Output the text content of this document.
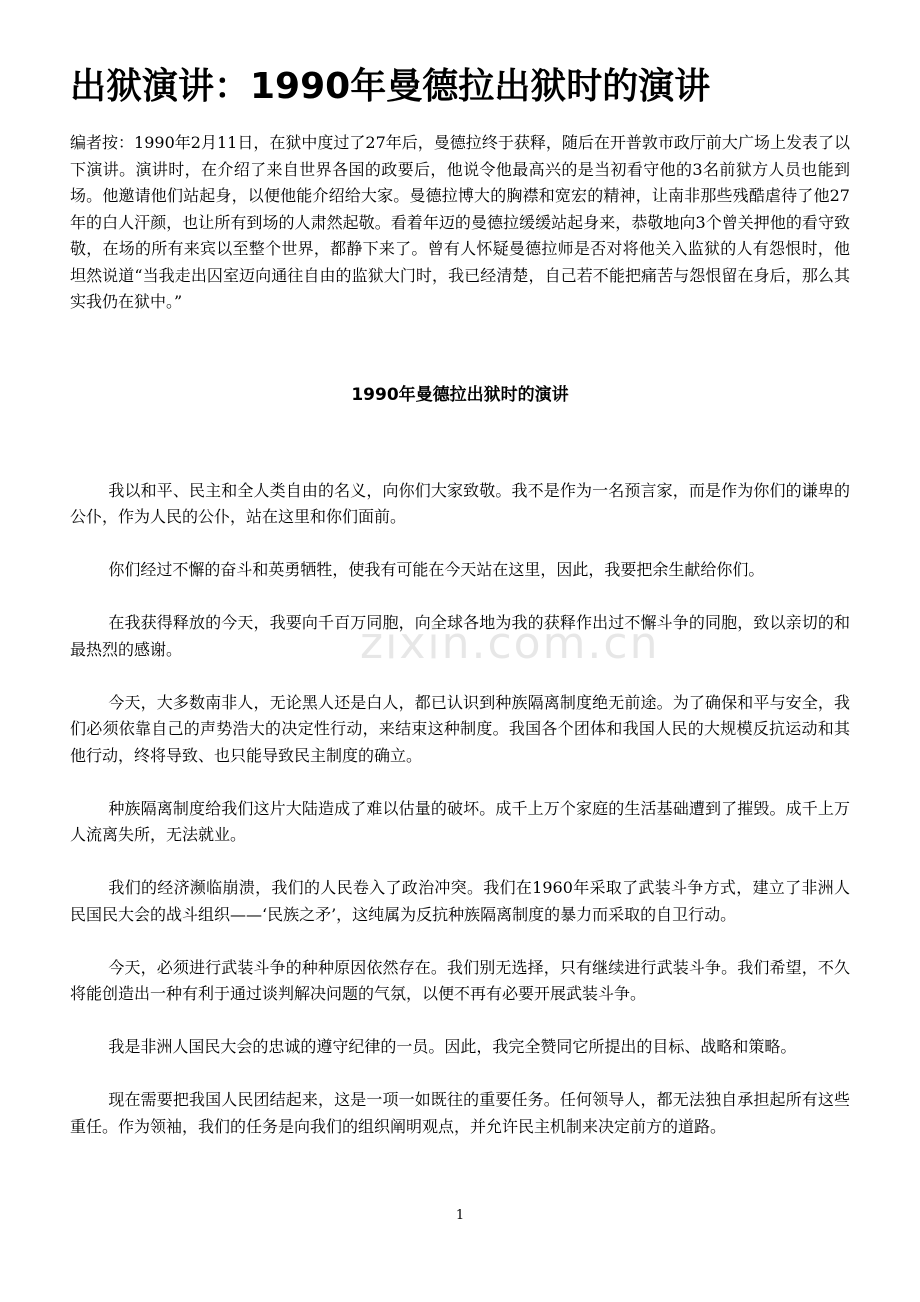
出狱演讲：1990年曼德拉出狱时的演讲

编者按：1990年2月11日，在狱中度过了27年后，曼德拉终于获释，随后在开普敦市政厅前大广场上发表了以下演讲。演讲时，在介绍了来自世界各国的政要后，他说令他最高兴的是当初看守他的3名前狱方人员也能到场。他邀请他们站起身，以便他能介绍给大家。曼德拉博大的胸襟和宽宏的精神，让南非那些残酷虐待了他27年的白人汗颜，也让所有到场的人肃然起敬。看着年迈的曼德拉缓缓站起身来，恭敬地向3个曾关押他的看守致敬，在场的所有来宾以至整个世界，都静下来了。曾有人怀疑曼德拉师是否对将他关入监狱的人有怨恨时，他坦然说道“当我走出囚室迈向通往自由的监狱大门时，我已经清楚，自己若不能把痛苦与怨恨留在身后，那么其实我仍在狱中。”

1990年曼德拉出狱时的演讲

我以和平、民主和全人类自由的名义，向你们大家致敬。我不是作为一名预言家，而是作为你们的谦卑的公仆，作为人民的公仆，站在这里和你们面前。

你们经过不懈的奋斗和英勇牺牲，使我有可能在今天站在这里，因此，我要把余生献给你们。

在我获得释放的今天，我要向千百万同胞，向全球各地为我的获释作出过不懈斗争的同胞，致以亲切的和最热烈的感谢。

今天，大多数南非人，无论黑人还是白人，都已认识到种族隔离制度绝无前途。为了确保和平与安全，我们必须依靠自己的声势浩大的决定性行动，来结束这种制度。我国各个团体和我国人民的大规模反抗运动和其他行动，终将导致、也只能导致民主制度的确立。

种族隔离制度给我们这片大陆造成了难以估量的破坏。成千上万个家庭的生活基础遭到了摧毁。成千上万人流离失所，无法就业。

我们的经济濒临崩溃，我们的人民卷入了政治冲突。我们在1960年采取了武装斗争方式，建立了非洲人民国民大会的战斗组织——‘民族之矛’，这纯属为反抗种族隔离制度的暴力而采取的自卫行动。

今天，必须进行武装斗争的种种原因依然存在。我们别无选择，只有继续进行武装斗争。我们希望，不久将能创造出一种有利于通过谈判解决问题的气氛，以便不再有必要开展武装斗争。

我是非洲人国民大会的忠诚的遵守纪律的一员。因此，我完全赞同它所提出的目标、战略和策略。

现在需要把我国人民团结起来，这是一项一如既往的重要任务。任何领导人，都无法独自承担起所有这些重任。作为领袖，我们的任务是向我们的组织阐明观点，并允许民主机制来决定前方的道路。

zixin.com.cn
1
